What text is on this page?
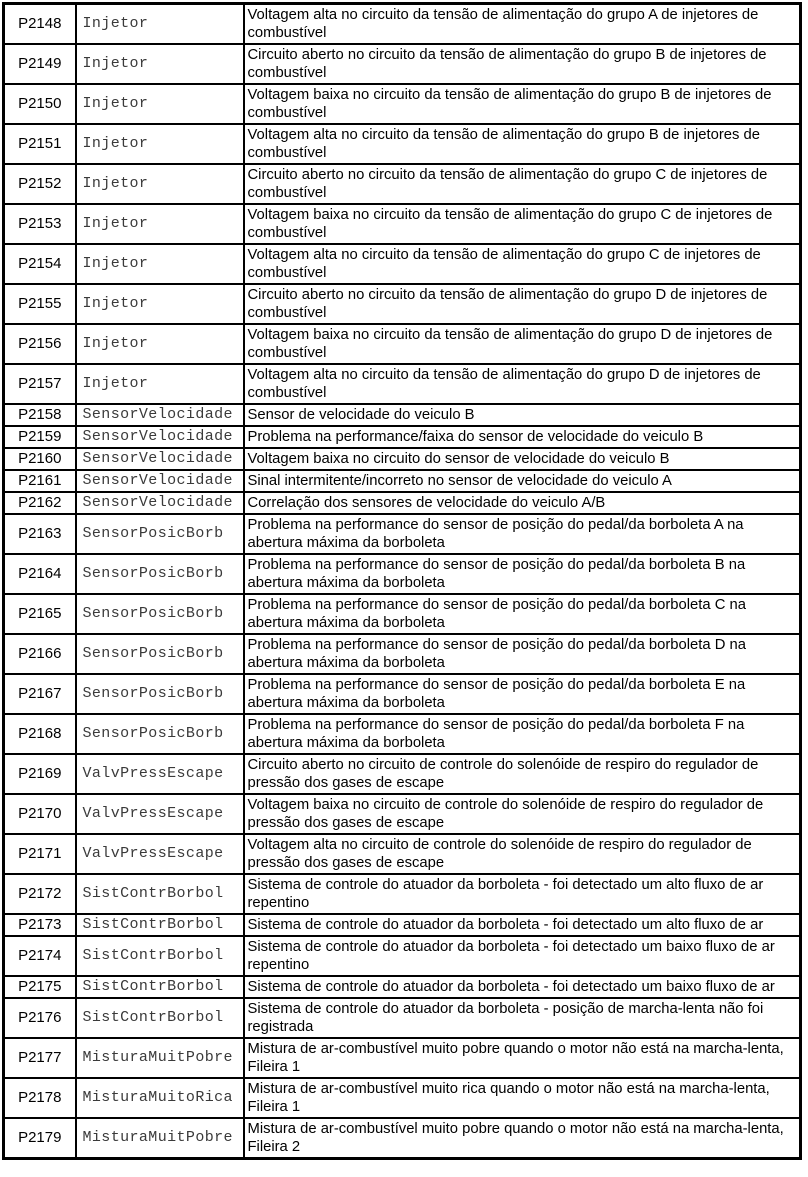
P2148	Injetor	Voltagem alta no circuito da tensão de alimentação do grupo A de injetores de combustível
P2149	Injetor	Circuito aberto no circuito da tensão de alimentação do grupo B de injetores de combustível
P2150	Injetor	Voltagem baixa no circuito da tensão de alimentação do grupo B de injetores de combustível
P2151	Injetor	Voltagem alta no circuito da tensão de alimentação do grupo B de injetores de combustível
P2152	Injetor	Circuito aberto no circuito da tensão de alimentação do grupo C de injetores de combustível
P2153	Injetor	Voltagem baixa no circuito da tensão de alimentação do grupo C de injetores de combustível
P2154	Injetor	Voltagem alta no circuito da tensão de alimentação do grupo C de injetores de combustível
P2155	Injetor	Circuito aberto no circuito da tensão de alimentação do grupo D de injetores de combustível
P2156	Injetor	Voltagem baixa no circuito da tensão de alimentação do grupo D de injetores de combustível
P2157	Injetor	Voltagem alta no circuito da tensão de alimentação do grupo D de injetores de combustível
P2158	SensorVelocidade	Sensor de velocidade do veiculo B
P2159	SensorVelocidade	Problema na performance/faixa do sensor de velocidade do veiculo B
P2160	SensorVelocidade	Voltagem baixa no circuito do sensor de velocidade do veiculo B
P2161	SensorVelocidade	Sinal intermitente/incorreto no sensor de velocidade do veiculo A
P2162	SensorVelocidade	Correlação dos sensores de velocidade do veiculo A/B
P2163	SensorPosicBorb	Problema na performance do sensor de posição do pedal/da borboleta A na abertura máxima da borboleta
P2164	SensorPosicBorb	Problema na performance do sensor de posição do pedal/da borboleta B na abertura máxima da borboleta
P2165	SensorPosicBorb	Problema na performance do sensor de posição do pedal/da borboleta C na abertura máxima da borboleta
P2166	SensorPosicBorb	Problema na performance do sensor de posição do pedal/da borboleta D na abertura máxima da borboleta
P2167	SensorPosicBorb	Problema na performance do sensor de posição do pedal/da borboleta E na abertura máxima da borboleta
P2168	SensorPosicBorb	Problema na performance do sensor de posição do pedal/da borboleta F na abertura máxima da borboleta
P2169	ValvPressEscape	Circuito aberto no circuito de controle do solenóide de respiro do regulador de pressão dos gases de escape
P2170	ValvPressEscape	Voltagem baixa no circuito de controle do solenóide de respiro do regulador de pressão dos gases de escape
P2171	ValvPressEscape	Voltagem alta no circuito de controle do solenóide de respiro do regulador de pressão dos gases de escape
P2172	SistContrBorbol	Sistema de controle do atuador da borboleta - foi detectado um alto fluxo de ar repentino
P2173	SistContrBorbol	Sistema de controle do atuador da borboleta - foi detectado um alto fluxo de ar
P2174	SistContrBorbol	Sistema de controle do atuador da borboleta - foi detectado um baixo fluxo de ar repentino
P2175	SistContrBorbol	Sistema de controle do atuador da borboleta - foi detectado um baixo fluxo de ar
P2176	SistContrBorbol	Sistema de controle do atuador da borboleta - posição de marcha-lenta não foi registrada
P2177	MisturaMuitPobre	Mistura de ar-combustível muito pobre quando o motor não está na marcha-lenta, Fileira 1
P2178	MisturaMuitoRica	Mistura de ar-combustível muito rica quando o motor não está na marcha-lenta, Fileira 1
P2179	MisturaMuitPobre	Mistura de ar-combustível muito pobre quando o motor não está na marcha-lenta, Fileira 2
